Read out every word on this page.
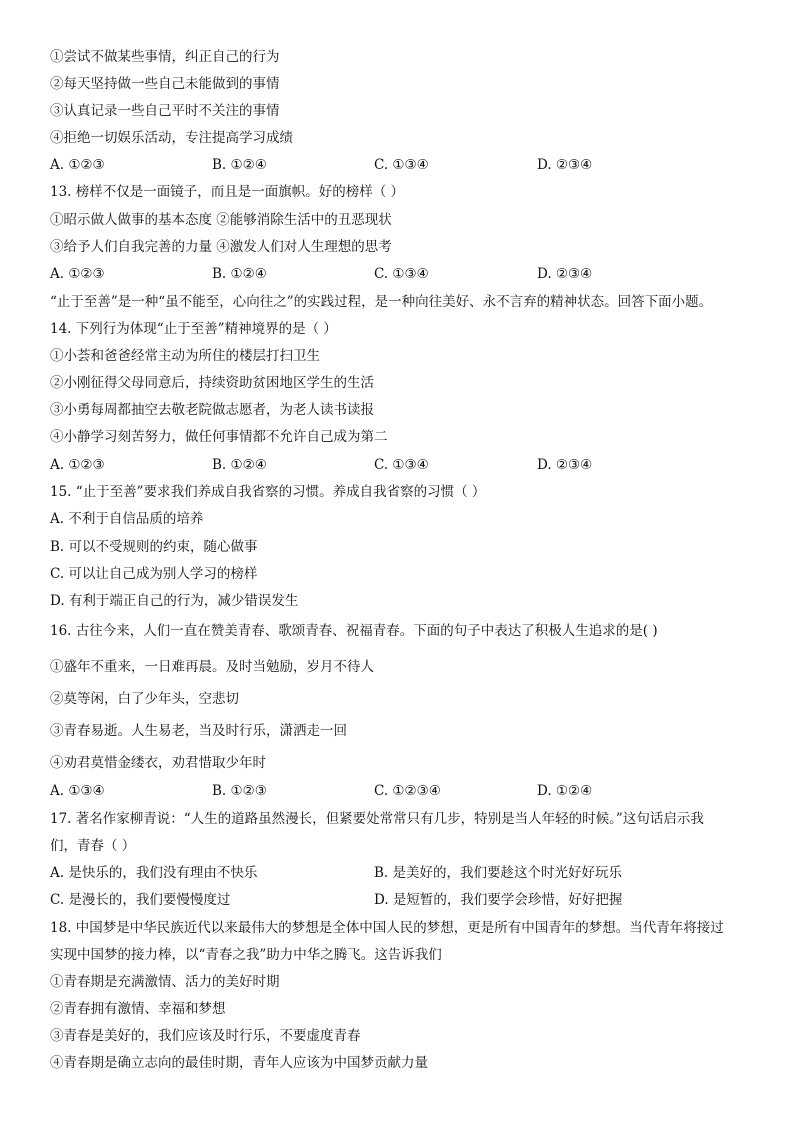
①尝试不做某些事情，纠正自己的行为
②每天坚持做一些自己未能做到的事情
③认真记录一些自己平时不关注的事情
④拒绝一切娱乐活动，专注提高学习成绩
A. ①②③	B. ①②④	C. ①③④	D. ②③④
13. 榜样不仅是一面镜子，而且是一面旗帜。好的榜样（ ）
①昭示做人做事的基本态度 ②能够消除生活中的丑恶现状
③给予人们自我完善的力量 ④激发人们对人生理想的思考
A. ①②③	B. ①②④	C. ①③④	D. ②③④
“止于至善”是一种“虽不能至，心向往之”的实践过程，是一种向往美好、永不言弃的精神状态。回答下面小题。
14. 下列行为体现“止于至善”精神境界的是（ ）
①小荟和爸爸经常主动为所住的楼层打扫卫生
②小刚征得父母同意后，持续资助贫困地区学生的生活
③小勇每周都抽空去敬老院做志愿者，为老人读书读报
④小静学习刻苦努力，做任何事情都不允许自己成为第二
A. ①②③	B. ①②④	C. ①③④	D. ②③④
15. “止于至善”要求我们养成自我省察的习惯。养成自我省察的习惯（ ）
A. 不利于自信品质的培养
B. 可以不受规则的约束，随心做事
C. 可以让自己成为别人学习的榜样
D. 有利于端正自己的行为，减少错误发生
16. 古往今来，人们一直在赞美青春、歌颂青春、祝福青春。下面的句子中表达了积极人生追求的是( )
①盛年不重来，一日难再晨。及时当勉励，岁月不待人
②莫等闲，白了少年头，空悲切
③青春易逝。人生易老，当及时行乐，潇洒走一回
④劝君莫惜金缕衣，劝君惜取少年时
A. ①③④	B. ①②③	C. ①②③④	D. ①②④
17. 著名作家柳青说：“人生的道路虽然漫长，但紧要处常常只有几步，特别是当人年轻的时候。”这句话启示我
们，青春（ ）
A. 是快乐的，我们没有理由不快乐	B. 是美好的，我们要趁这个时光好好玩乐
C. 是漫长的，我们要慢慢度过	D. 是短暂的，我们要学会珍惜，好好把握
18. 中国梦是中华民族近代以来最伟大的梦想是全体中国人民的梦想，更是所有中国青年的梦想。当代青年将接过
实现中国梦的接力棒，以“青春之我”助力中华之腾飞。这告诉我们
①青春期是充满激情、活力的美好时期
②青春拥有激情、幸福和梦想
③青春是美好的，我们应该及时行乐，不要虚度青春
④青春期是确立志向的最佳时期，青年人应该为中国梦贡献力量
